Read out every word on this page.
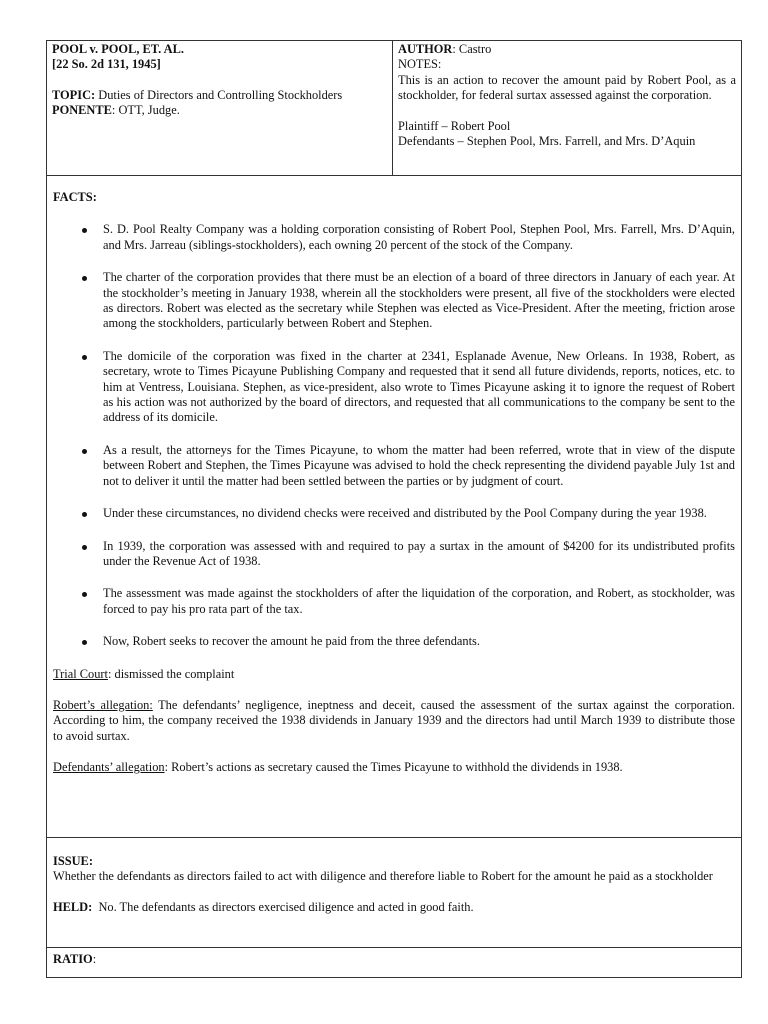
POOL v. POOL, ET. AL.
[22 So. 2d 131, 1945]
TOPIC: Duties of Directors and Controlling Stockholders
PONENTE: OTT, Judge.
AUTHOR: Castro
NOTES:
This is an action to recover the amount paid by Robert Pool, as a stockholder, for federal surtax assessed against the corporation.
Plaintiff – Robert Pool
Defendants – Stephen Pool, Mrs. Farrell, and Mrs. D’Aquin
FACTS:
S. D. Pool Realty Company was a holding corporation consisting of Robert Pool, Stephen Pool, Mrs. Farrell, Mrs. D’Aquin, and Mrs. Jarreau (siblings-stockholders), each owning 20 percent of the stock of the Company.
The charter of the corporation provides that there must be an election of a board of three directors in January of each year. At the stockholder’s meeting in January 1938, wherein all the stockholders were present, all five of the stockholders were elected as directors. Robert was elected as the secretary while Stephen was elected as Vice-President. After the meeting, friction arose among the stockholders, particularly between Robert and Stephen.
The domicile of the corporation was fixed in the charter at 2341, Esplanade Avenue, New Orleans. In 1938, Robert, as secretary, wrote to Times Picayune Publishing Company and requested that it send all future dividends, reports, notices, etc. to him at Ventress, Louisiana. Stephen, as vice-president, also wrote to Times Picayune asking it to ignore the request of Robert as his action was not authorized by the board of directors, and requested that all communications to the company be sent to the address of its domicile.
As a result, the attorneys for the Times Picayune, to whom the matter had been referred, wrote that in view of the dispute between Robert and Stephen, the Times Picayune was advised to hold the check representing the dividend payable July 1st and not to deliver it until the matter had been settled between the parties or by judgment of court.
Under these circumstances, no dividend checks were received and distributed by the Pool Company during the year 1938.
In 1939, the corporation was assessed with and required to pay a surtax in the amount of $4200 for its undistributed profits under the Revenue Act of 1938.
The assessment was made against the stockholders of after the liquidation of the corporation, and Robert, as stockholder, was forced to pay his pro rata part of the tax.
Now, Robert seeks to recover the amount he paid from the three defendants.
Trial Court: dismissed the complaint
Robert’s allegation: The defendants’ negligence, ineptness and deceit, caused the assessment of the surtax against the corporation. According to him, the company received the 1938 dividends in January 1939 and the directors had until March 1939 to distribute those to avoid surtax.
Defendants’ allegation: Robert’s actions as secretary caused the Times Picayune to withhold the dividends in 1938.
ISSUE:
Whether the defendants as directors failed to act with diligence and therefore liable to Robert for the amount he paid as a stockholder
HELD:  No. The defendants as directors exercised diligence and acted in good faith.
RATIO:
